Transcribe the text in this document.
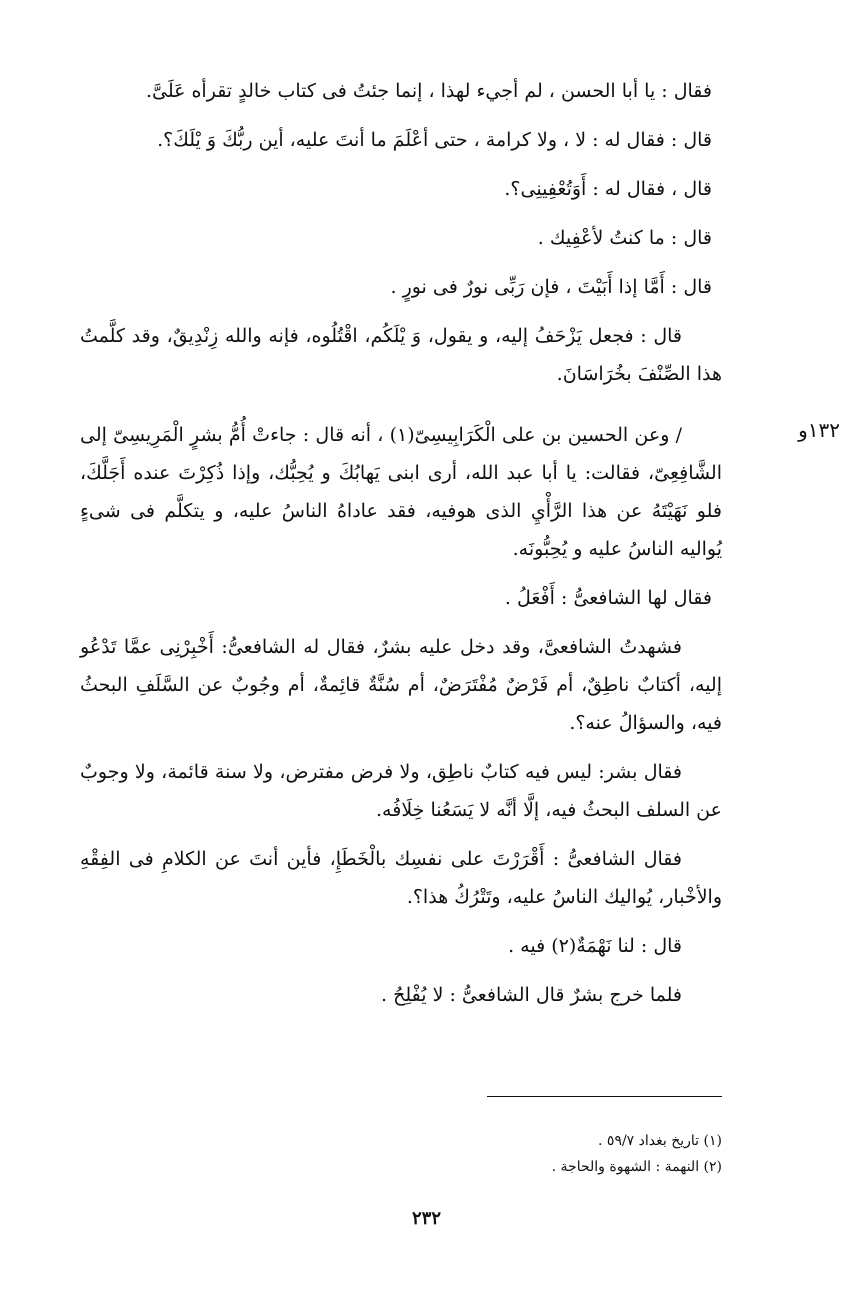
١٣٢و

فقال : يا أبا الحسن ، لم أجيء لهذا ، إنما جئتُ فى كتاب خالدٍ تقرأه عَلَىَّ.

قال : فقال له : لا ، ولا كرامة ، حتى أعْلَمَ ما أنتَ عليه، أين ربُّكَ وَ يْلَكَ؟.

قال ، فقال له : أَوَتُعْفِينِى؟.

قال : ما كنتُ لأعْفِيك .

قال : أَمَّا إذا أَبَيْتَ ، فإن رَبِّى نورٌ فى نورٍ .

قال : فجعل يَزْحَفُ إليه، و يقول، وَ يْلَكُم، اقْتُلُوه، فإنه والله زِنْدِيقٌ، وقد كلَّمتُ هذا الصِّنْفَ بخُرَاسَانَ.

/ وعن الحسين بن على الْكَرَابِيسِىّ(١) ، أنه قال : جاءتْ أُمُّ بشرٍ الْمَرِيسِىّ إلى الشَّافِعِىّ، فقالت: يا أبا عبد الله، أرى ابنى يَهابُكَ و يُحِبُّك، وإذا ذُكِرْتَ عنده أَجَلَّكَ، فلو نَهَيْتَهُ عن هذا الرَّأْيِ الذى هوفيه، فقد عاداهُ الناسُ عليه، و يتكلَّم فى شىءٍ يُواليه الناسُ عليه و يُحِبُّونَه.

فقال لها الشافعىُّ : أَفْعَلُ .

فشهدتُ الشافعىَّ، وقد دخل عليه بشرٌ، فقال له الشافعىُّ: أَخْبِرْنِى عمَّا تَدْعُو إليه، أكتابٌ ناطِقٌ، أم فَرْضٌ مُفْتَرَضٌ، أم سُنَّةٌ قائِمةٌ، أم وجُوبٌ عن السَّلَفِ البحثُ فيه، والسؤالُ عنه؟.

فقال بشر: ليس فيه كتابٌ ناطِق، ولا فرض مفترض، ولا سنة قائمة، ولا وجوبٌ عن السلف البحثُ فيه، إلَّا أنَّه لا يَسَعُنا خِلَافُه.

فقال الشافعىُّ : أَقْرَرْتَ على نفسِك بالْخَطَإِ، فأين أنتَ عن الكلامِ فى الفِقْهِ والأخْبار، يُواليك الناسُ عليه، وتَتْرُكُ هذا؟.

قال : لنا نَهْمَةٌ(٢) فيه .

فلما خرج بشرٌ قال الشافعىُّ : لا يُفْلِحُ .

(١) تاريخ بغداد ٥٩/٧ .

(٢) النهمة : الشهوة والحاجة .

٢٣٢
